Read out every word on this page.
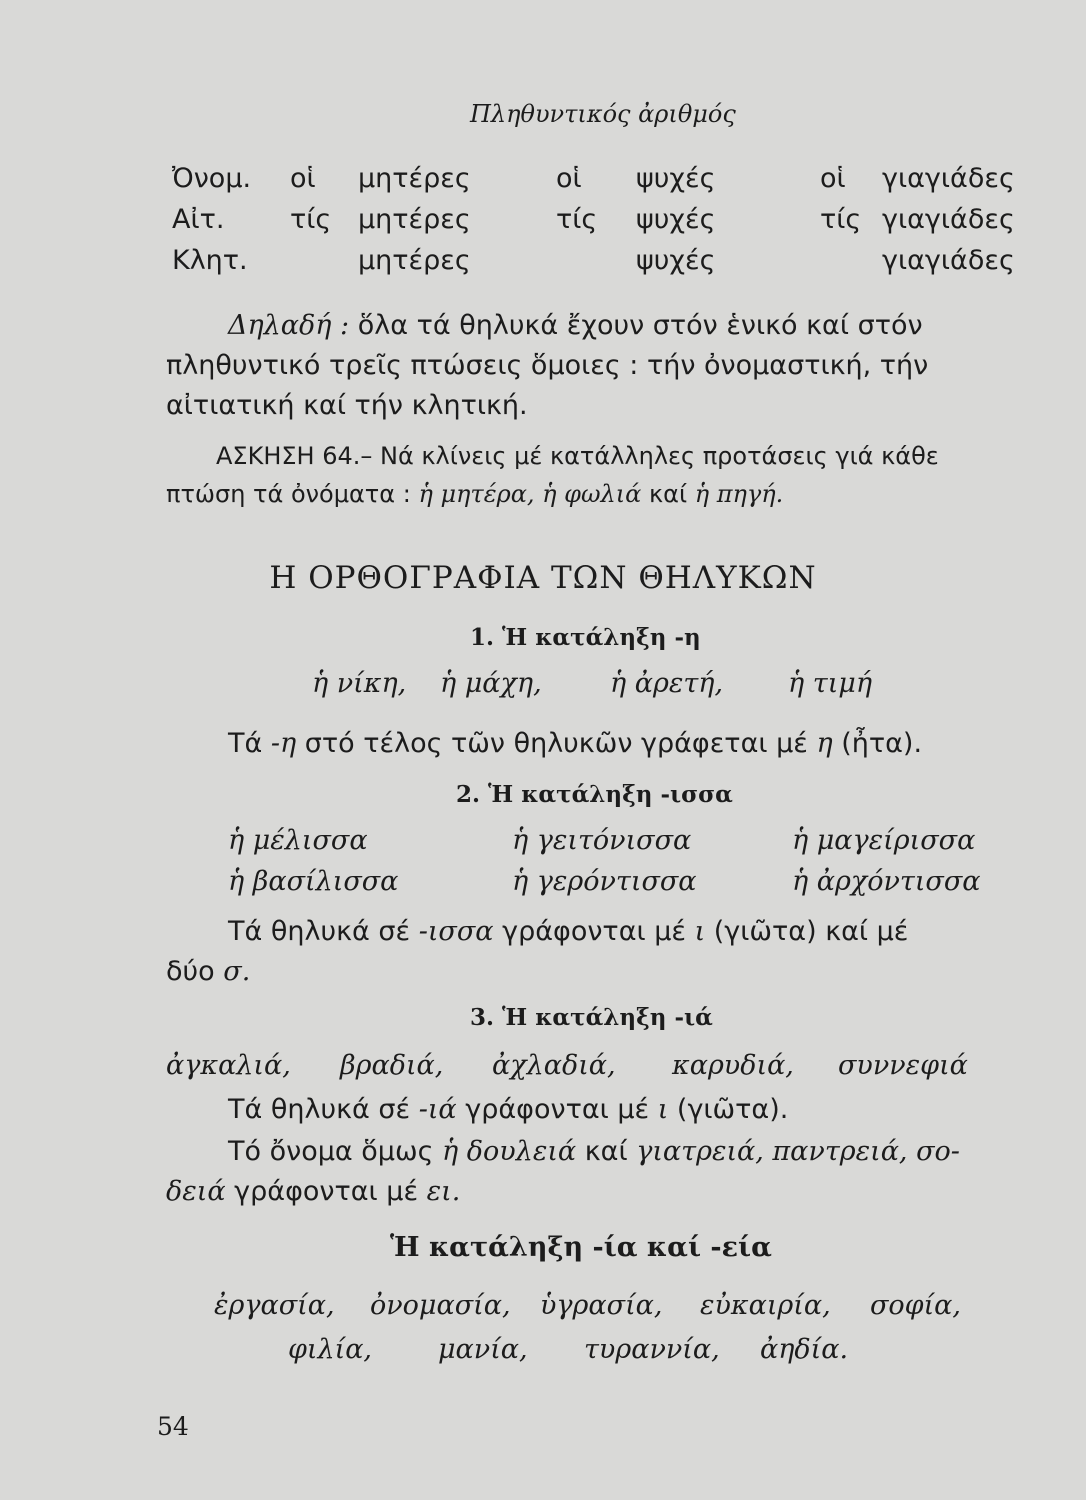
Πληθυντικός ἀριθμός
Ὀνομ. οἱ μητέρες	οἱ ψυχές	οἱ γιαγιάδες
Αἰτ. τίς μητέρες	τίς ψυχές	τίς γιαγιάδες
Κλητ.	μητέρες	ψυχές	γιαγιάδες
Δηλαδή : ὅλα τά θηλυκά ἔχουν στόν ἑνικό καί στόν
πληθυντικό τρεῖς πτώσεις ὅμοιες : τήν ὀνομαστική, τήν
αἰτιατική καί τήν κλητική.
ΑΣΚΗΣΗ 64.– Νά κλίνεις μέ κατάλληλες προτάσεις γιά κάθε
πτώση τά ὀνόματα : ἡ μητέρα, ἡ φωλιά καί ἡ πηγή.
Η ΟΡΘΟΓΡΑΦΙΑ ΤΩΝ ΘΗΛΥΚΩΝ
1. Ἡ κατάληξη -η
ἡ νίκη, ἡ μάχη,	ἡ ἀρετή, ἡ τιμή
Τά -η στό τέλος τῶν θηλυκῶν γράφεται μέ η (ἦτα).
2. Ἡ κατάληξη -ισσα
ἡ μέλισσα	ἡ γειτόνισσα	ἡ μαγείρισσα
ἡ βασίλισσα	ἡ γερόντισσα	ἡ ἀρχόντισσα
Τά θηλυκά σέ -ισσα γράφονται μέ ι (γιῶτα) καί μέ
δύο σ.
3. Ἡ κατάληξη -ιά
ἀγκαλιά, βραδιά, ἀχλαδιά, καρυδιά, συννεφιά
Τά θηλυκά σέ -ιά γράφονται μέ ι (γιῶτα).
Τό ὄνομα ὅμως ἡ δουλειά καί γιατρειά, παντρειά, σο-
δειά γράφονται μέ ει.
Ἡ κατάληξη -ία καί -εία
ἐργασία, ὀνομασία, ὑγρασία, εὐκαιρία, σοφία,
φιλία, μανία, τυραννία, ἀηδία.
54
